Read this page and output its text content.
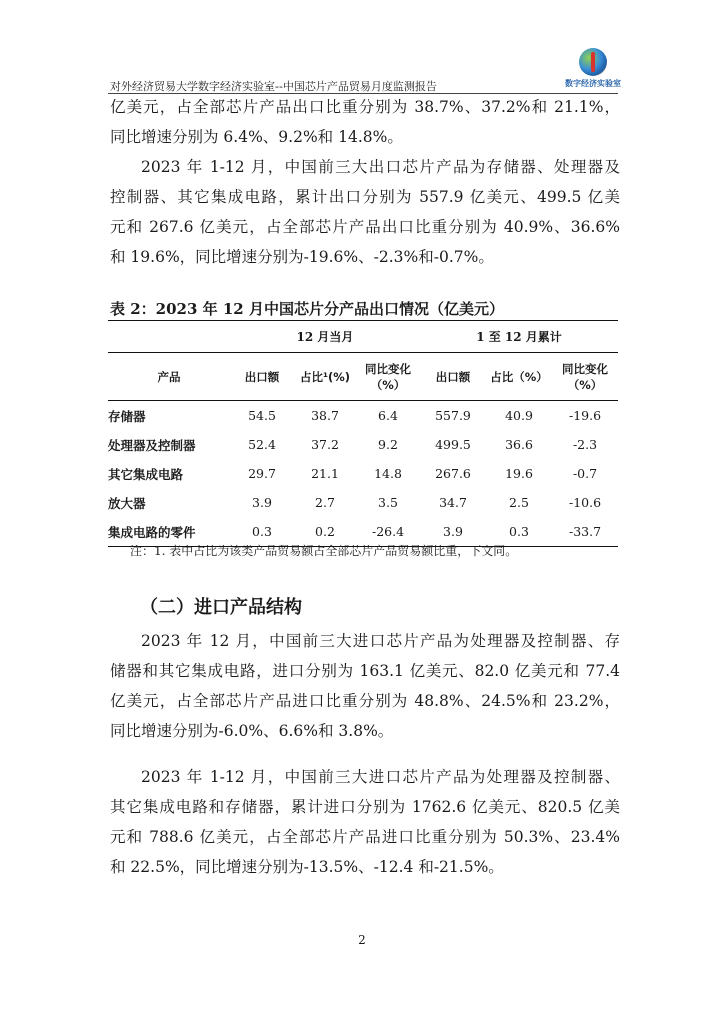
对外经济贸易大学数字经济实验室--中国芯片产品贸易月度监测报告	数字经济实验室
亿美元，占全部芯片产品出口比重分别为 38.7%、37.2%和 21.1%，
同比增速分别为 6.4%、9.2%和 14.8%。
2023 年 1-12 月，中国前三大出口芯片产品为存储器、处理器及
控制器、其它集成电路，累计出口分别为 557.9 亿美元、499.5 亿美
元和 267.6 亿美元，占全部芯片产品出口比重分别为 40.9%、36.6%
和 19.6%，同比增速分别为-19.6%、-2.3%和-0.7%。
表 2：2023 年 12 月中国芯片分产品出口情况（亿美元）
	12 月当月			1 至 12 月累计		
产品	出口额	占比¹(%)	同比变化（%）	出口额	占比（%）	同比变化（%）
存储器	54.5	38.7	6.4	557.9	40.9	-19.6
处理器及控制器	52.4	37.2	9.2	499.5	36.6	-2.3
其它集成电路	29.7	21.1	14.8	267.6	19.6	-0.7
放大器	3.9	2.7	3.5	34.7	2.5	-10.6
集成电路的零件	0.3	0.2	-26.4	3.9	0.3	-33.7
注：1. 表中占比为该类产品贸易额占全部芯片产品贸易额比重，下文同。
（二）进口产品结构
2023 年 12 月，中国前三大进口芯片产品为处理器及控制器、存
储器和其它集成电路，进口分别为 163.1 亿美元、82.0 亿美元和 77.4
亿美元，占全部芯片产品进口比重分别为 48.8%、24.5%和 23.2%，
同比增速分别为-6.0%、6.6%和 3.8%。
2023 年 1-12 月，中国前三大进口芯片产品为处理器及控制器、
其它集成电路和存储器，累计进口分别为 1762.6 亿美元、820.5 亿美
元和 788.6 亿美元，占全部芯片产品进口比重分别为 50.3%、23.4%
和 22.5%，同比增速分别为-13.5%、-12.4 和-21.5%。
2
